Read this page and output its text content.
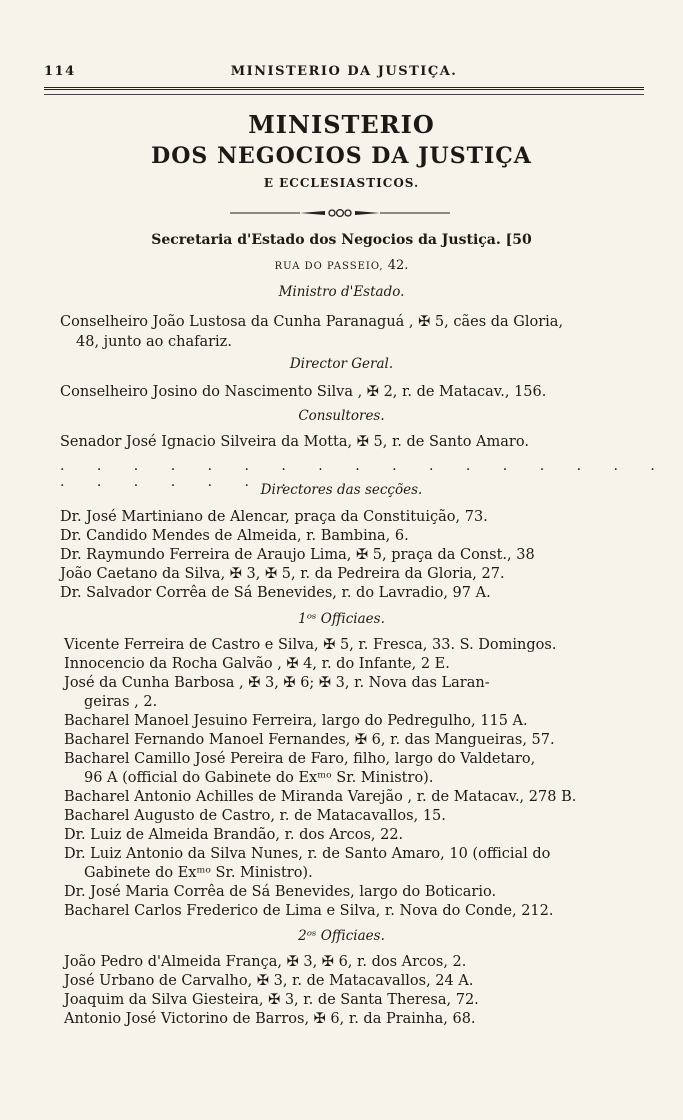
114	MINISTERIO DA JUSTIÇA.
MINISTERIO
DOS NEGOCIOS DA JUSTIÇA
E ECCLESIASTICOS.
Secretaria d'Estado dos Negocios da Justiça. [50
RUA DO PASSEIO, 42.
Ministro d'Estado.
Conselheiro João Lustosa da Cunha Paranaguá , ✠ 5, cães da Gloria,
48, junto ao chafariz.
Director Geral.
Conselheiro Josino do Nascimento Silva , ✠ 2, r. de Matacav., 156.
Consultores.
Senador José Ignacio Silveira da Motta, ✠ 5, r. de Santo Amaro.
. . . . . . . . . . . . . . . . . . . . . . . .
Directores das secções.
Dr. José Martiniano de Alencar, praça da Constituição, 73.
Dr. Candido Mendes de Almeida, r. Bambina, 6.
Dr. Raymundo Ferreira de Araujo Lima, ✠ 5, praça da Const., 38
João Caetano da Silva, ✠ 3, ✠ 5, r. da Pedreira da Gloria, 27.
Dr. Salvador Corrêa de Sá Benevides, r. do Lavradio, 97 A.
1ᵒˢ Officiaes.
Vicente Ferreira de Castro e Silva, ✠ 5, r. Fresca, 33. S. Domingos.
Innocencio da Rocha Galvão , ✠ 4, r. do Infante, 2 E.
José da Cunha Barbosa , ✠ 3, ✠ 6; ✠ 3, r. Nova das Laran-
geiras , 2.
Bacharel Manoel Jesuino Ferreira, largo do Pedregulho, 115 A.
Bacharel Fernando Manoel Fernandes, ✠ 6, r. das Mangueiras, 57.
Bacharel Camillo José Pereira de Faro, filho, largo do Valdetaro,
96 A (official do Gabinete do Exᵐᵒ Sr. Ministro).
Bacharel Antonio Achilles de Miranda Varejão , r. de Matacav., 278 B.
Bacharel Augusto de Castro, r. de Matacavallos, 15.
Dr. Luiz de Almeida Brandão, r. dos Arcos, 22.
Dr. Luiz Antonio da Silva Nunes, r. de Santo Amaro, 10 (official do
Gabinete do Exᵐᵒ Sr. Ministro).
Dr. José Maria Corrêa de Sá Benevides, largo do Boticario.
Bacharel Carlos Frederico de Lima e Silva, r. Nova do Conde, 212.
2ᵒˢ Officiaes.
João Pedro d'Almeida França, ✠ 3, ✠ 6, r. dos Arcos, 2.
José Urbano de Carvalho, ✠ 3, r. de Matacavallos, 24 A.
Joaquim da Silva Giesteira, ✠ 3, r. de Santa Theresa, 72.
Antonio José Victorino de Barros, ✠ 6, r. da Prainha, 68.
